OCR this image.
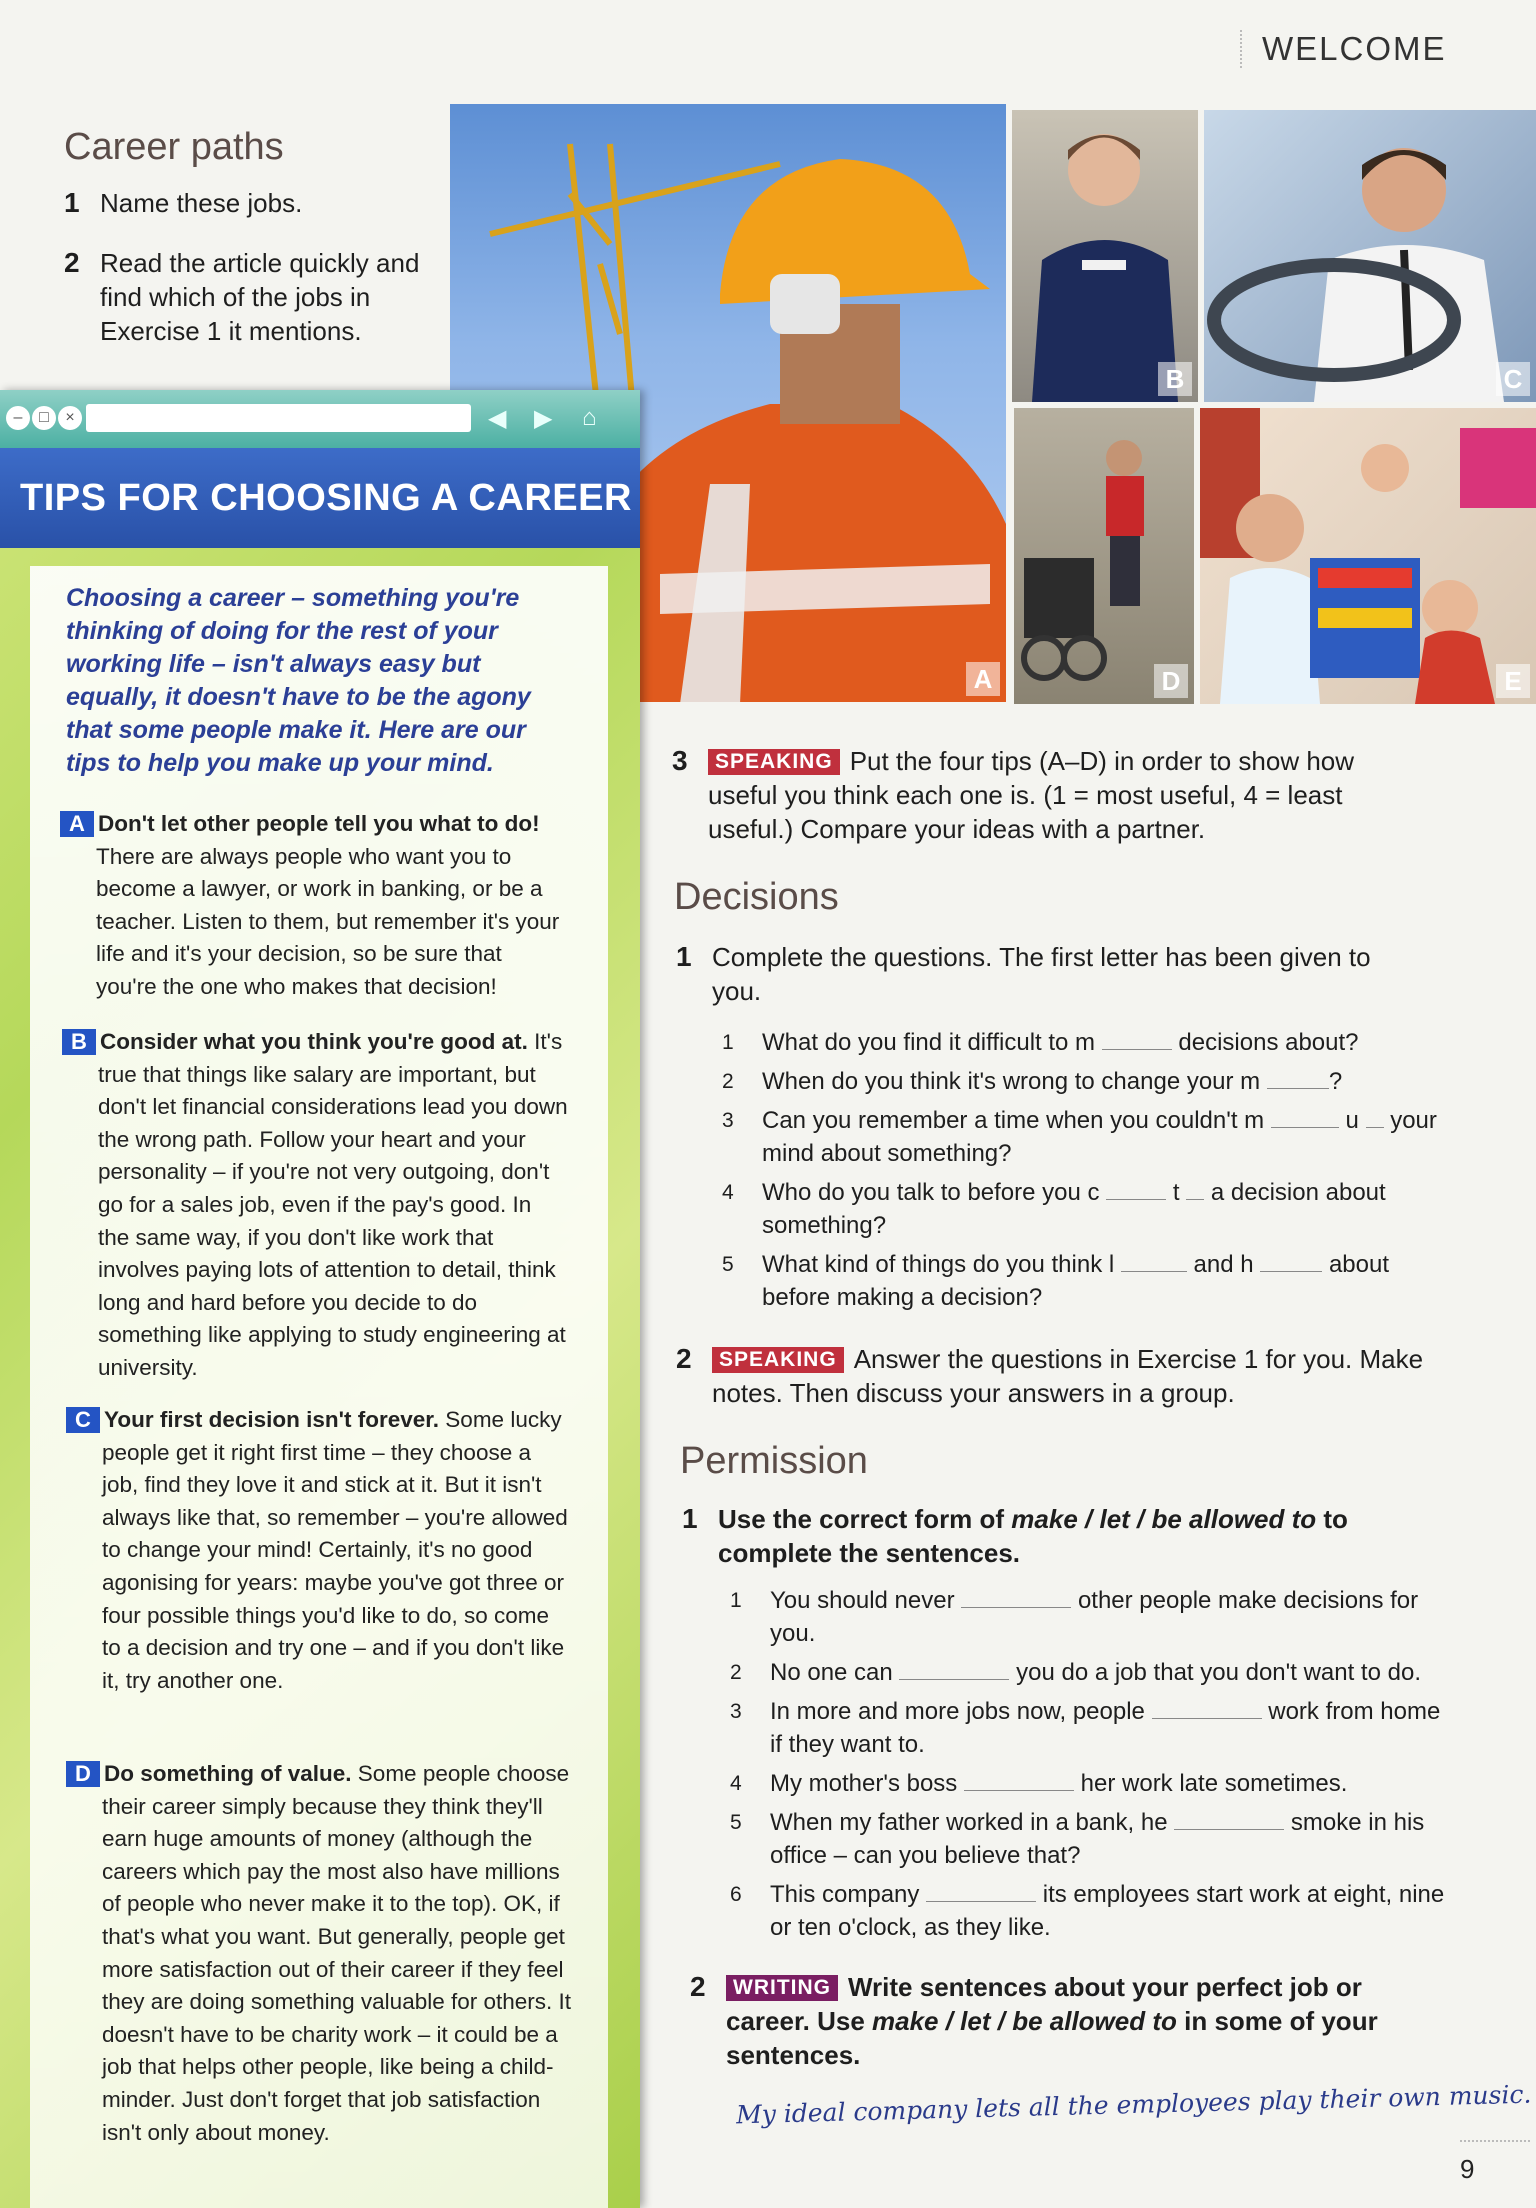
WELCOME
Career paths
1 Name these jobs.
2 Read the article quickly and find which of the jobs in Exercise 1 it mentions.
A
B	C
D	E
–	□	×	◀ ▶ ⌂
TIPS FOR CHOOSING A CAREER
Choosing a career – something you're thinking of doing for the rest of your working life – isn't always easy but equally, it doesn't have to be the agony that some people make it. Here are our tips to help you make up your mind.
A Don't let other people tell you what to do! There are always people who want you to become a lawyer, or work in banking, or be a teacher. Listen to them, but remember it's your life and it's your decision, so be sure that you're the one who makes that decision!
B Consider what you think you're good at. It's true that things like salary are important, but don't let financial considerations lead you down the wrong path. Follow your heart and your personality – if you're not very outgoing, don't go for a sales job, even if the pay's good. In the same way, if you don't like work that involves paying lots of attention to detail, think long and hard before you decide to do something like applying to study engineering at university.
C Your first decision isn't forever. Some lucky people get it right first time – they choose a job, find they love it and stick at it. But it isn't always like that, so remember – you're allowed to change your mind! Certainly, it's no good agonising for years: maybe you've got three or four possible things you'd like to do, so come to a decision and try one – and if you don't like it, try another one.
D Do something of value. Some people choose their career simply because they think they'll earn huge amounts of money (although the careers which pay the most also have millions of people who never make it to the top). OK, if that's what you want. But generally, people get more satisfaction out of their career if they feel they are doing something valuable for others. It doesn't have to be charity work – it could be a job that helps other people, like being a child-minder. Just don't forget that job satisfaction isn't only about money.
3 SPEAKING Put the four tips (A–D) in order to show how useful you think each one is. (1 = most useful, 4 = least useful.) Compare your ideas with a partner.
Decisions
1 Complete the questions. The first letter has been given to you.
1 What do you find it difficult to m	decisions about?
2 When do you think it's wrong to change your m	?
3 Can you remember a time when you couldn't m	u your mind about something?
4 Who do you talk to before you c	t a decision about something?
5 What kind of things do you think l	and h	about before making a decision?
2 SPEAKING Answer the questions in Exercise 1 for you. Make notes. Then discuss your answers in a group.
Permission
1 Use the correct form of make / let / be allowed to to complete the sentences.
1 You should never	other people make decisions for you.
2 No one can	you do a job that you don't want to do.
3 In more and more jobs now, people	work from home if they want to.
4 My mother's boss	her work late sometimes.
5 When my father worked in a bank, he	smoke in his office – can you believe that?
6 This company	its employees start work at eight, nine or ten o'clock, as they like.
2 WRITING Write sentences about your perfect job or career. Use make / let / be allowed to in some of your sentences.
My ideal company lets all the employees play their own music.
9
